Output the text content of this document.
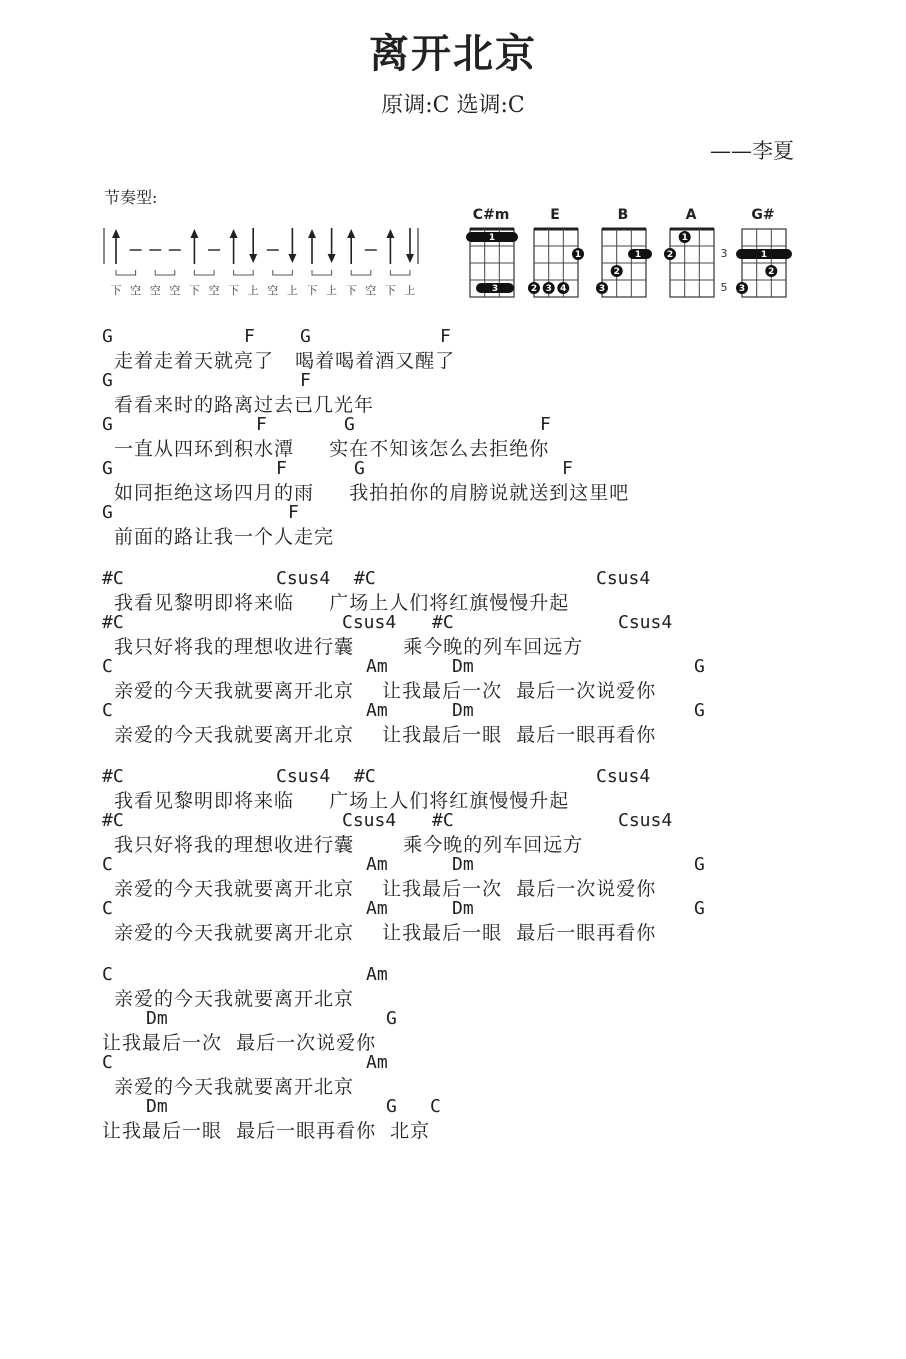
离开北京
原调:C 选调:C
——李夏
节奏型:
下 空 空 空 下 空 下 上 空 上 下 上 下 空 下 上
C#m
1
3
E
1
2 3 4
B
1
2
3
A
1
2
G#
3
5
1
2
3
G	F	G	F
走着走着天就亮了   喝着喝着酒又醒了
G	F
看看来时的路离过去已几光年
G	F	G	F
一直从四环到积水潭     实在不知该怎么去拒绝你
G	F	G	F
如同拒绝这场四月的雨     我拍拍你的肩膀说就送到这里吧
G	F
前面的路让我一个人走完
#C	Csus4 #C	Csus4
我看见黎明即将来临     广场上人们将红旗慢慢升起
#C	Csus4 #C	Csus4
我只好将我的理想收进行囊       乘今晚的列车回远方
C	Am	Dm	G
亲爱的今天我就要离开北京    让我最后一次  最后一次说爱你
C	Am	Dm	G
亲爱的今天我就要离开北京    让我最后一眼  最后一眼再看你
#C	Csus4 #C	Csus4
我看见黎明即将来临     广场上人们将红旗慢慢升起
#C	Csus4 #C	Csus4
我只好将我的理想收进行囊       乘今晚的列车回远方
C	Am	Dm	G
亲爱的今天我就要离开北京    让我最后一次  最后一次说爱你
C	Am	Dm	G
亲爱的今天我就要离开北京    让我最后一眼  最后一眼再看你
C	Am
亲爱的今天我就要离开北京
Dm	G
让我最后一次  最后一次说爱你
C	Am
亲爱的今天我就要离开北京
Dm	G C
让我最后一眼  最后一眼再看你  北京
